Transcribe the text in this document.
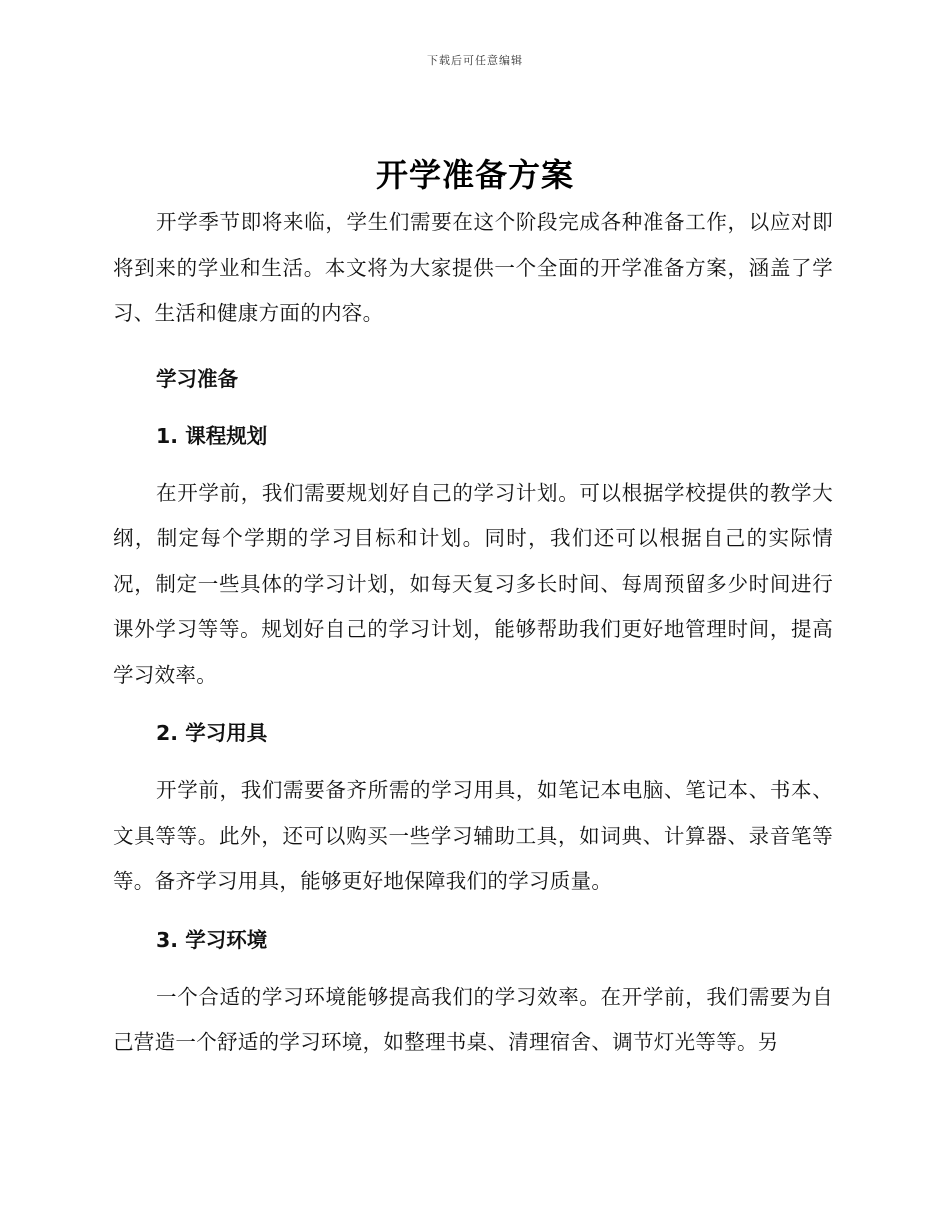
下载后可任意编辑
开学准备方案

开学季节即将来临，学生们需要在这个阶段完成各种准备工作，以应对即将到来的学业和生活。本文将为大家提供一个全面的开学准备方案，涵盖了学习、生活和健康方面的内容。

学习准备

1. 课程规划

在开学前，我们需要规划好自己的学习计划。可以根据学校提供的教学大纲，制定每个学期的学习目标和计划。同时，我们还可以根据自己的实际情况，制定一些具体的学习计划，如每天复习多长时间、每周预留多少时间进行课外学习等等。规划好自己的学习计划，能够帮助我们更好地管理时间，提高学习效率。

2. 学习用具

开学前，我们需要备齐所需的学习用具，如笔记本电脑、笔记本、书本、文具等等。此外，还可以购买一些学习辅助工具，如词典、计算器、录音笔等等。备齐学习用具，能够更好地保障我们的学习质量。

3. 学习环境

一个合适的学习环境能够提高我们的学习效率。在开学前，我们需要为自己营造一个舒适的学习环境，如整理书桌、清理宿舍、调节灯光等等。另
